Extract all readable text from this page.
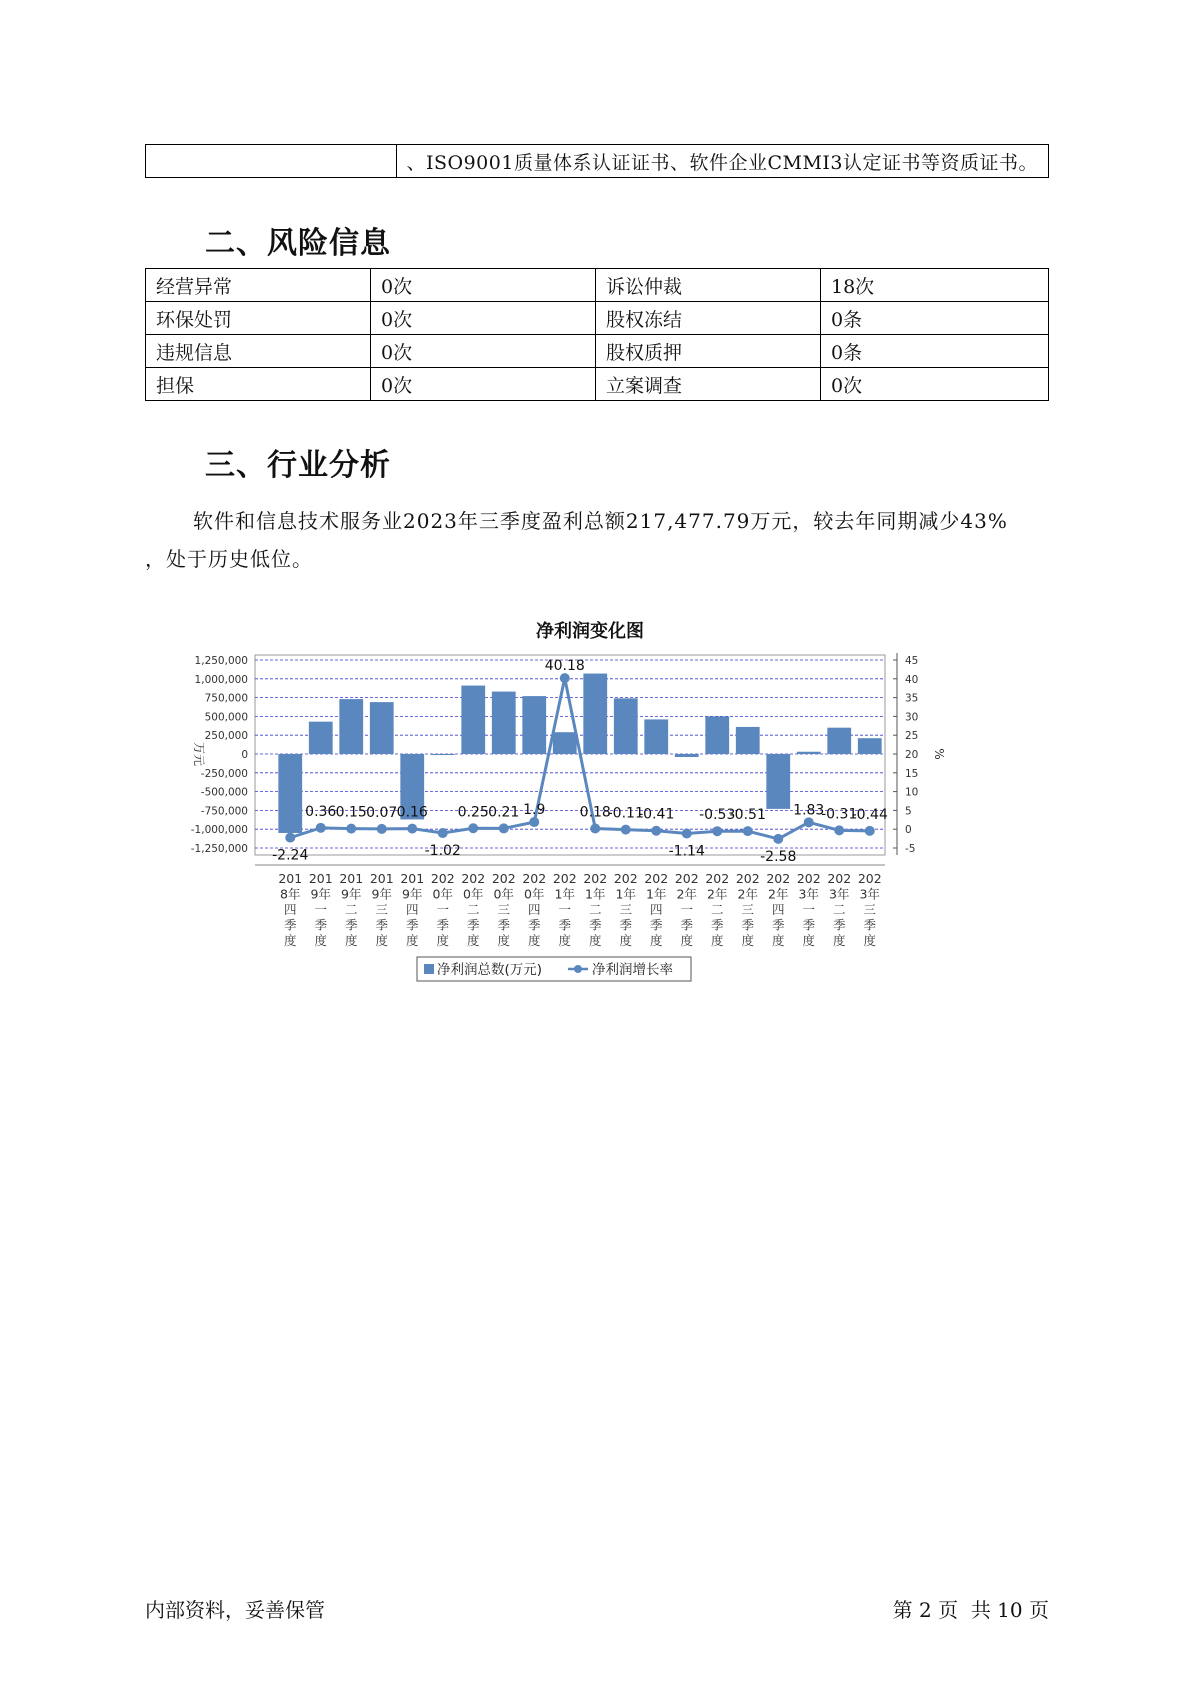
	、ISO9001质量体系认证证书、软件企业CMMI3认定证书等资质证书。
二、风险信息
经营异常	0次	诉讼仲裁	18次
环保处罚	0次	股权冻结	0条
违规信息	0次	股权质押	0条
担保	0次	立案调查	0次
三、行业分析
软件和信息技术服务业2023年三季度盈利总额217,477.79万元，较去年同期减少43%
，处于历史低位。
净利润变化图
1,250,000
1,000,000
750,000
500,000
250,000
0
-250,000
-500,000
-750,000
-1,000,000
-1,250,000
45
40
35
30
25
20
15
10
5
0
-5
万元	%
-2.24
0.36 0.15 0.07 0.16
-1.02
0.25 0.21 1.9
40.18
0.18
-0.11
-0.41
-1.14
-0.53
-0.51
-2.58
1.83
-0.31
-0.44
201
8年
四
季
度
201
9年
一
季
度
201
9年
二
季
度
201
9年
三
季
度
201
9年
四
季
度
202
0年
一
季
度
202
0年
二
季
度
202
0年
三
季
度
202
0年
四
季
度
202
1年
一
季
度
202
1年
二
季
度
202
1年
三
季
度
202
1年
四
季
度
202
2年
一
季
度
202
2年
二
季
度
202
2年
三
季
度
202
2年
四
季
度
202
3年
一
季
度
202
3年
二
季
度
202
3年
三
季
度
净利润总数(万元)	净利润增长率
内部资料，妥善保管	第 2 页  共 10 页
